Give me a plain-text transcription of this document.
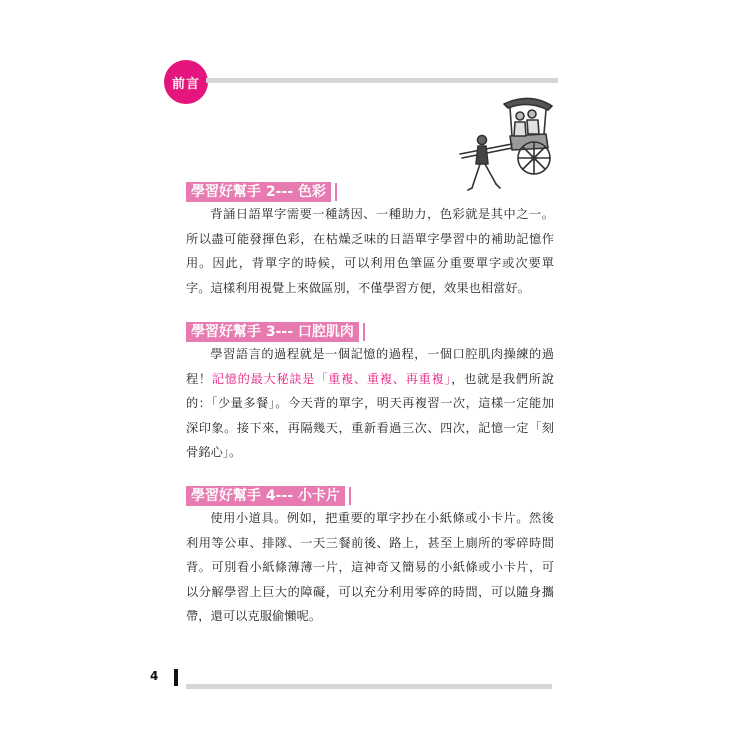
前言
學習好幫手 2--- 色彩
背誦日語單字需要一種誘因、一種助力，色彩就是其中之一。所以盡可能發揮色彩，在枯燥乏味的日語單字學習中的補助記憶作用。因此，背單字的時候，可以利用色筆區分重要單字或次要單字。這樣利用視覺上來做區別，不僅學習方便，效果也相當好。
學習好幫手 3--- 口腔肌肉
學習語言的過程就是一個記憶的過程，一個口腔肌肉操練的過程！記憶的最大秘訣是「重複、重複、再重複」，也就是我們所說的：「少量多餐」。今天背的單字，明天再複習一次，這樣一定能加深印象。接下來，再隔幾天，重新看過三次、四次，記憶一定「刻骨銘心」。
學習好幫手 4--- 小卡片
使用小道具。例如，把重要的單字抄在小紙條或小卡片。然後利用等公車、排隊、一天三餐前後、路上，甚至上廁所的零碎時間背。可別看小紙條薄薄一片，這神奇又簡易的小紙條或小卡片，可以分解學習上巨大的障礙，可以充分利用零碎的時間，可以隨身攜帶，還可以克服偷懶呢。
4
